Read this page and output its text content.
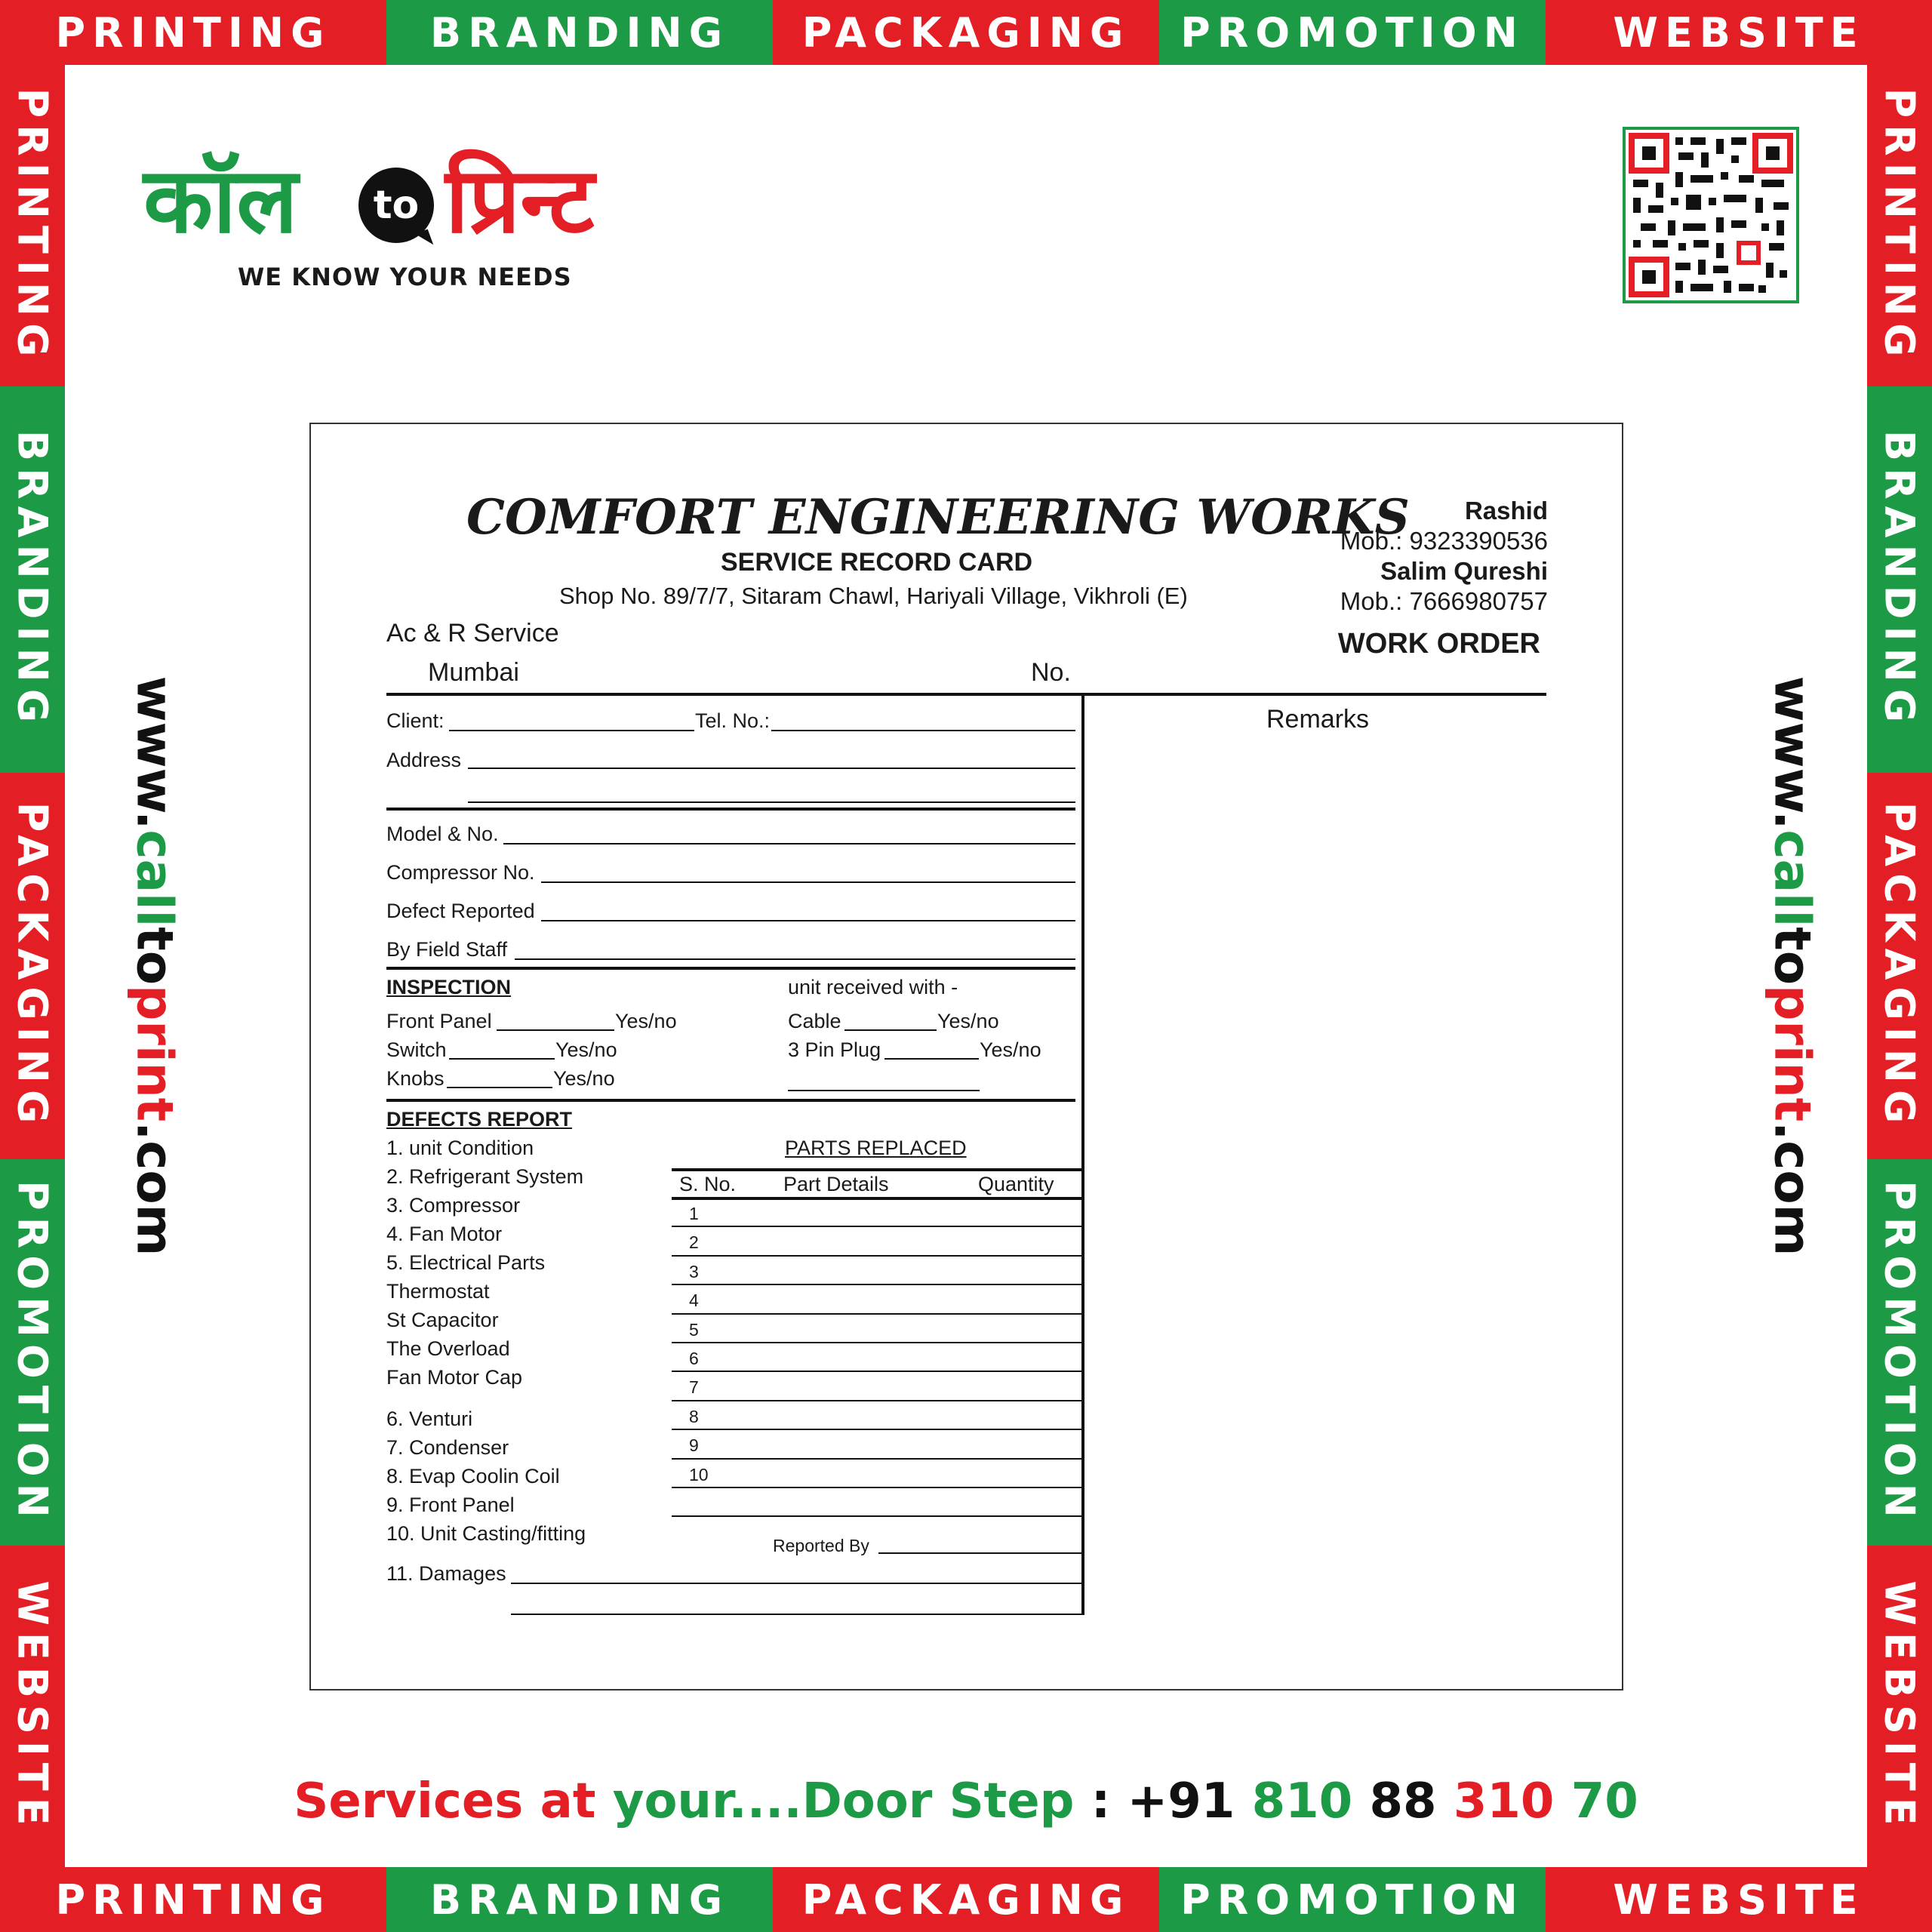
PRINTING	BRANDING	PACKAGING	PROMOTION	WEBSITE
PRINTING	BRANDING	PACKAGING	PROMOTION	WEBSITE
PRINTING
BRANDING
PACKAGING
PROMOTION
WEBSITE
PRINTING
BRANDING
PACKAGING
PROMOTION
WEBSITE
www.calltoprint.com
www.calltoprint.com
कॉल	to प्रिन्ट
WE KNOW YOUR NEEDS
COMFORT ENGINEERING WORKS
SERVICE RECORD CARD
Shop No. 89/7/7, Sitaram Chawl, Hariyali Village, Vikhroli (E)
Rashid
Mob.: 9323390536
Salim Qureshi
Mob.: 7666980757
WORK ORDER
Ac & R Service
Mumbai	No.
Remarks
Client:	Tel. No.:
Address
Model & No.
Compressor No.
Defect Reported
By Field Staff
INSPECTION	unit received with -
Front Panel	Yes/no
Switch	Yes/no
Knobs	Yes/no
Cable	Yes/no
3 Pin Plug	Yes/no
DEFECTS REPORT
1. unit Condition
2. Refrigerant System
3. Compressor
4. Fan Motor
5. Electrical Parts
Thermostat
St Capacitor
The Overload
Fan Motor Cap
6. Venturi
7. Condenser
8. Evap Coolin Coil
9. Front Panel
10. Unit Casting/fitting
11. Damages
PARTS REPLACED
S. No. Part Details	Quantity
1
2
3
4
5
6
7
8
9
10
Reported By
Services at your....Door Step : +91 810 88 310 70
